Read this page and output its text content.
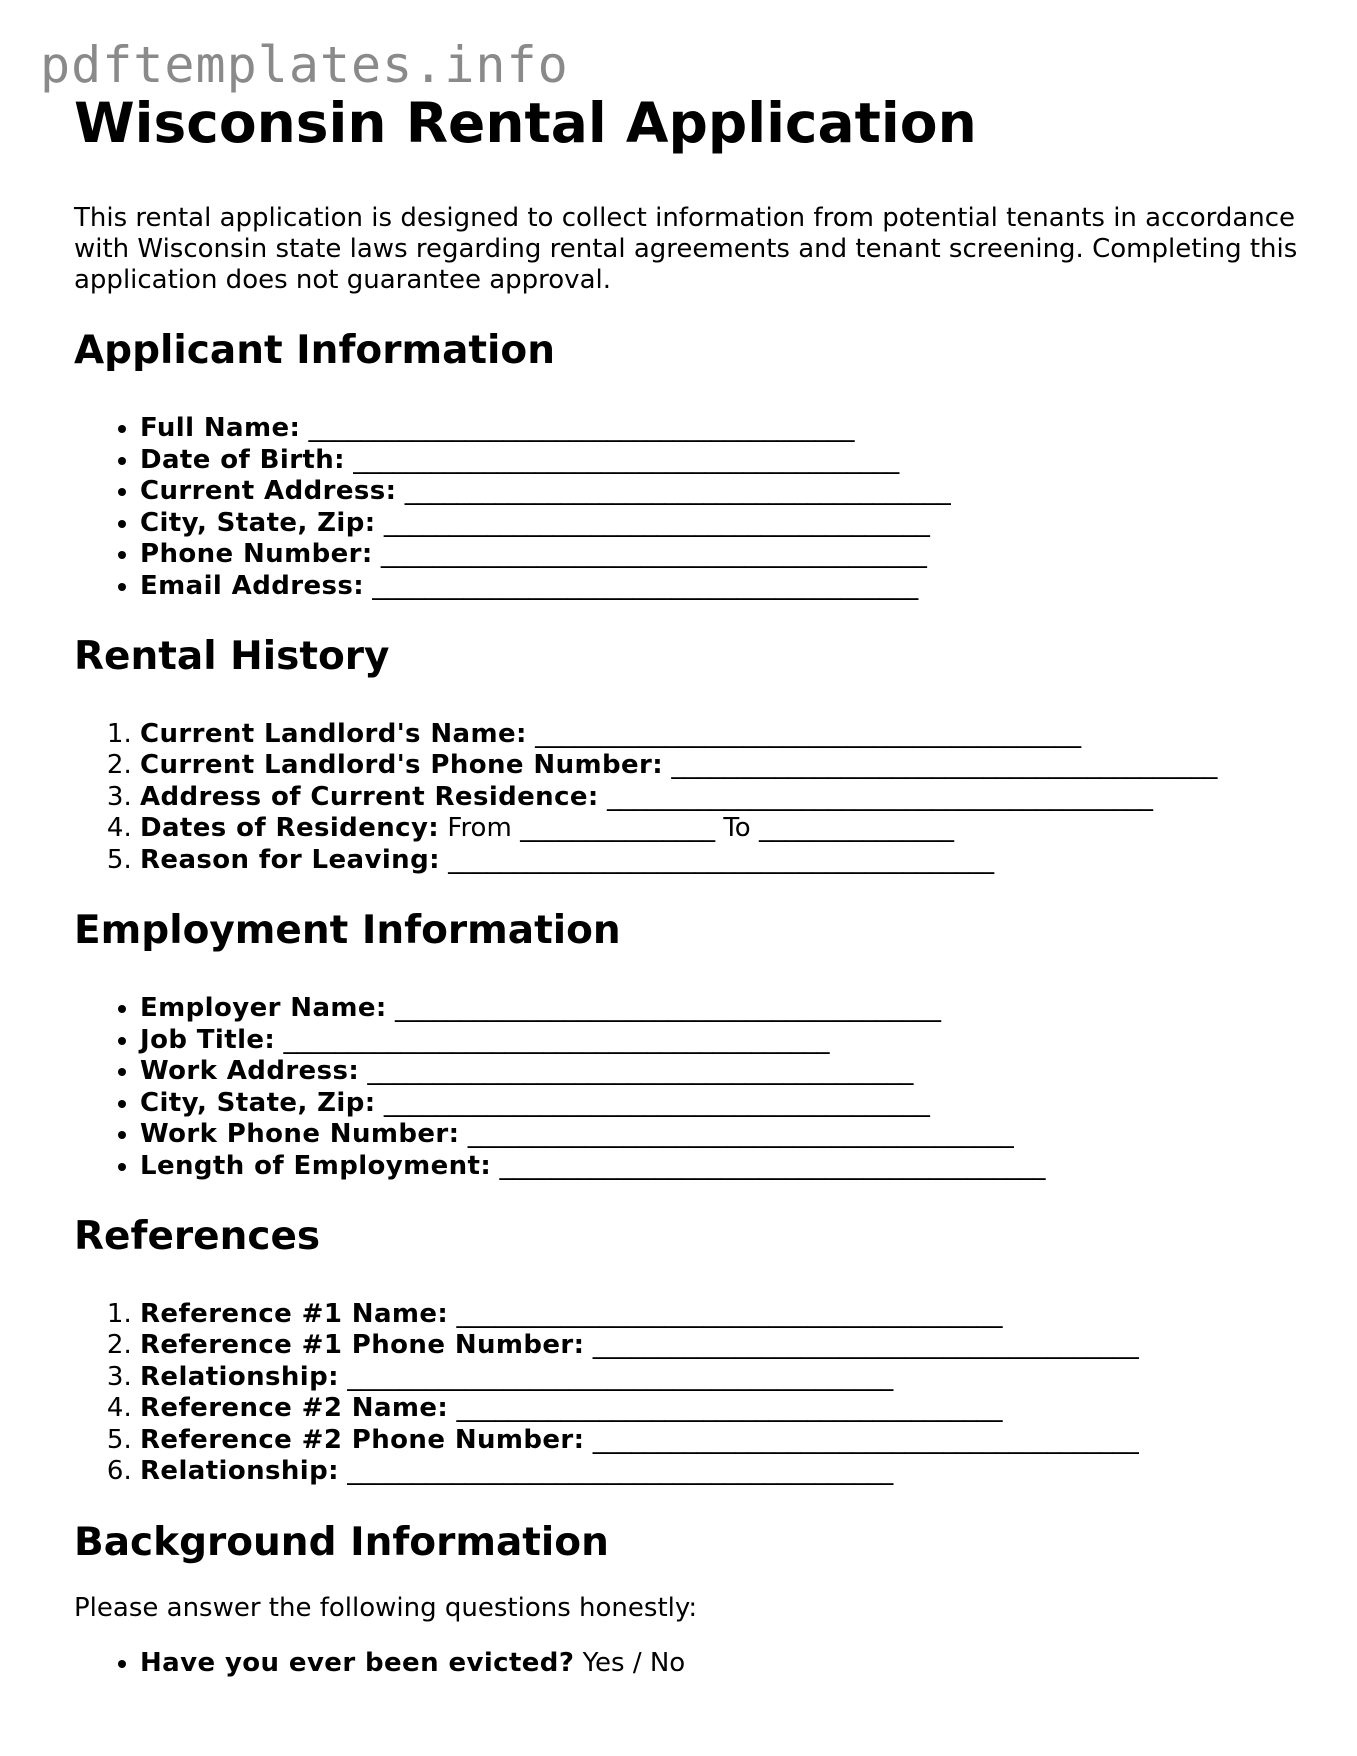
pdftemplates.info
Wisconsin Rental Application

This rental application is designed to collect information from potential tenants in accordance with Wisconsin state laws regarding rental agreements and tenant screening. Completing this application does not guarantee approval.

Applicant Information
• Full Name: __________________________________________
• Date of Birth: __________________________________________
• Current Address: __________________________________________
• City, State, Zip: __________________________________________
• Phone Number: __________________________________________
• Email Address: __________________________________________
Rental History
1. Current Landlord's Name: __________________________________________
2. Current Landlord's Phone Number: __________________________________________
3. Address of Current Residence: __________________________________________
4. Dates of Residency: From _______________ To _______________
5. Reason for Leaving: __________________________________________
Employment Information
• Employer Name: __________________________________________
• Job Title: __________________________________________
• Work Address: __________________________________________
• City, State, Zip: __________________________________________
• Work Phone Number: __________________________________________
• Length of Employment: __________________________________________
References
1. Reference #1 Name: __________________________________________
2. Reference #1 Phone Number: __________________________________________
3. Relationship: __________________________________________
4. Reference #2 Name: __________________________________________
5. Reference #2 Phone Number: __________________________________________
6. Relationship: __________________________________________
Background Information

Please answer the following questions honestly:

• Have you ever been evicted? Yes / No
